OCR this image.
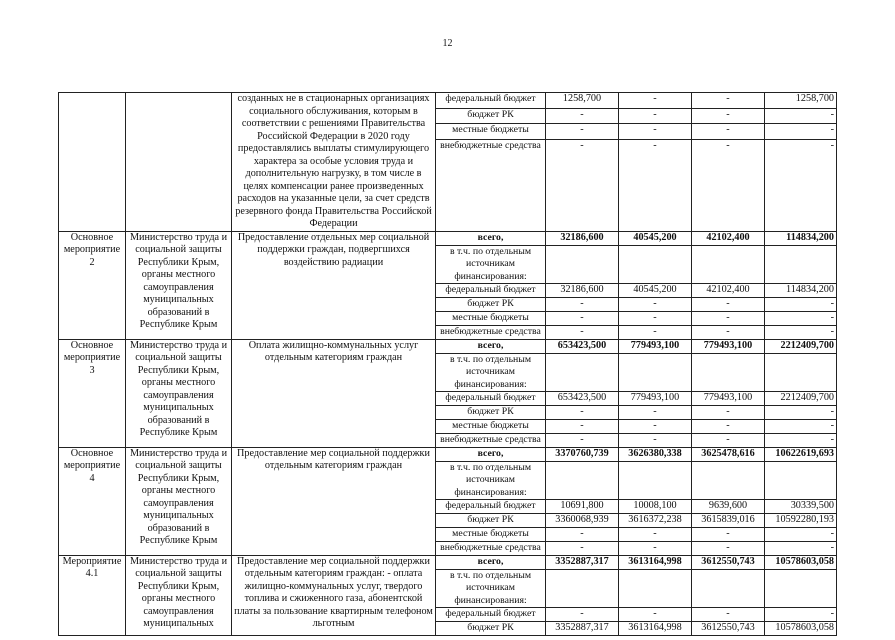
12
		созданных не в стационарных организациях социального обслуживания, которым в соответствии с решениями Правительства Российской Федерации в 2020 году предоставлялись выплаты стимулирующего характера за особые условия труда и дополнительную нагрузку, в том числе в целях компенсации ранее произведенных расходов на указанные цели, за счет средств резервного фонда Правительства Российской Федерации	федеральный бюджет	1258,700	-	-	1258,700
			бюджет РК	-	-	-	-
			местные бюджеты	-	-	-	-
			внебюджетные средства	-	-	-	-
Основное мероприятие 2	Министерство труда и социальной защиты Республики Крым, органы местного самоуправления муниципальных образований в Республике Крым	Предоставление отдельных мер социальной поддержки граждан, подвергшихся воздействию радиации	всего,	32186,600	40545,200	42102,400	114834,200
			в т.ч. по отдельным источникам финансирования:				
			федеральный бюджет	32186,600	40545,200	42102,400	114834,200
			бюджет РК	-	-	-	-
			местные бюджеты	-	-	-	-
			внебюджетные средства	-	-	-	-
Основное мероприятие 3	Министерство труда и социальной защиты Республики Крым, органы местного самоуправления муниципальных образований в Республике Крым	Оплата жилищно-коммунальных услуг отдельным категориям граждан	всего,	653423,500	779493,100	779493,100	2212409,700
			в т.ч. по отдельным источникам финансирования:				
			федеральный бюджет	653423,500	779493,100	779493,100	2212409,700
			бюджет РК	-	-	-	-
			местные бюджеты	-	-	-	-
			внебюджетные средства	-	-	-	-
Основное мероприятие 4	Министерство труда и социальной защиты Республики Крым, органы местного самоуправления муниципальных образований в Республике Крым	Предоставление мер социальной поддержки отдельным категориям граждан	всего,	3370760,739	3626380,338	3625478,616	10622619,693
			в т.ч. по отдельным источникам финансирования:				
			федеральный бюджет	10691,800	10008,100	9639,600	30339,500
			бюджет РК	3360068,939	3616372,238	3615839,016	10592280,193
			местные бюджеты	-	-	-	-
			внебюджетные средства	-	-	-	-
Мероприятие 4.1	Министерство труда и социальной защиты Республики Крым, органы местного самоуправления муниципальных	Предоставление мер социальной поддержки отдельным категориям граждан: - оплата жилищно-коммунальных услуг, твердого топлива и сжиженного газа, абонентской платы за пользование квартирным телефоном льготным	всего,	3352887,317	3613164,998	3612550,743	10578603,058
			в т.ч. по отдельным источникам финансирования:				
			федеральный бюджет	-	-	-	-
			бюджет РК	3352887,317	3613164,998	3612550,743	10578603,058
